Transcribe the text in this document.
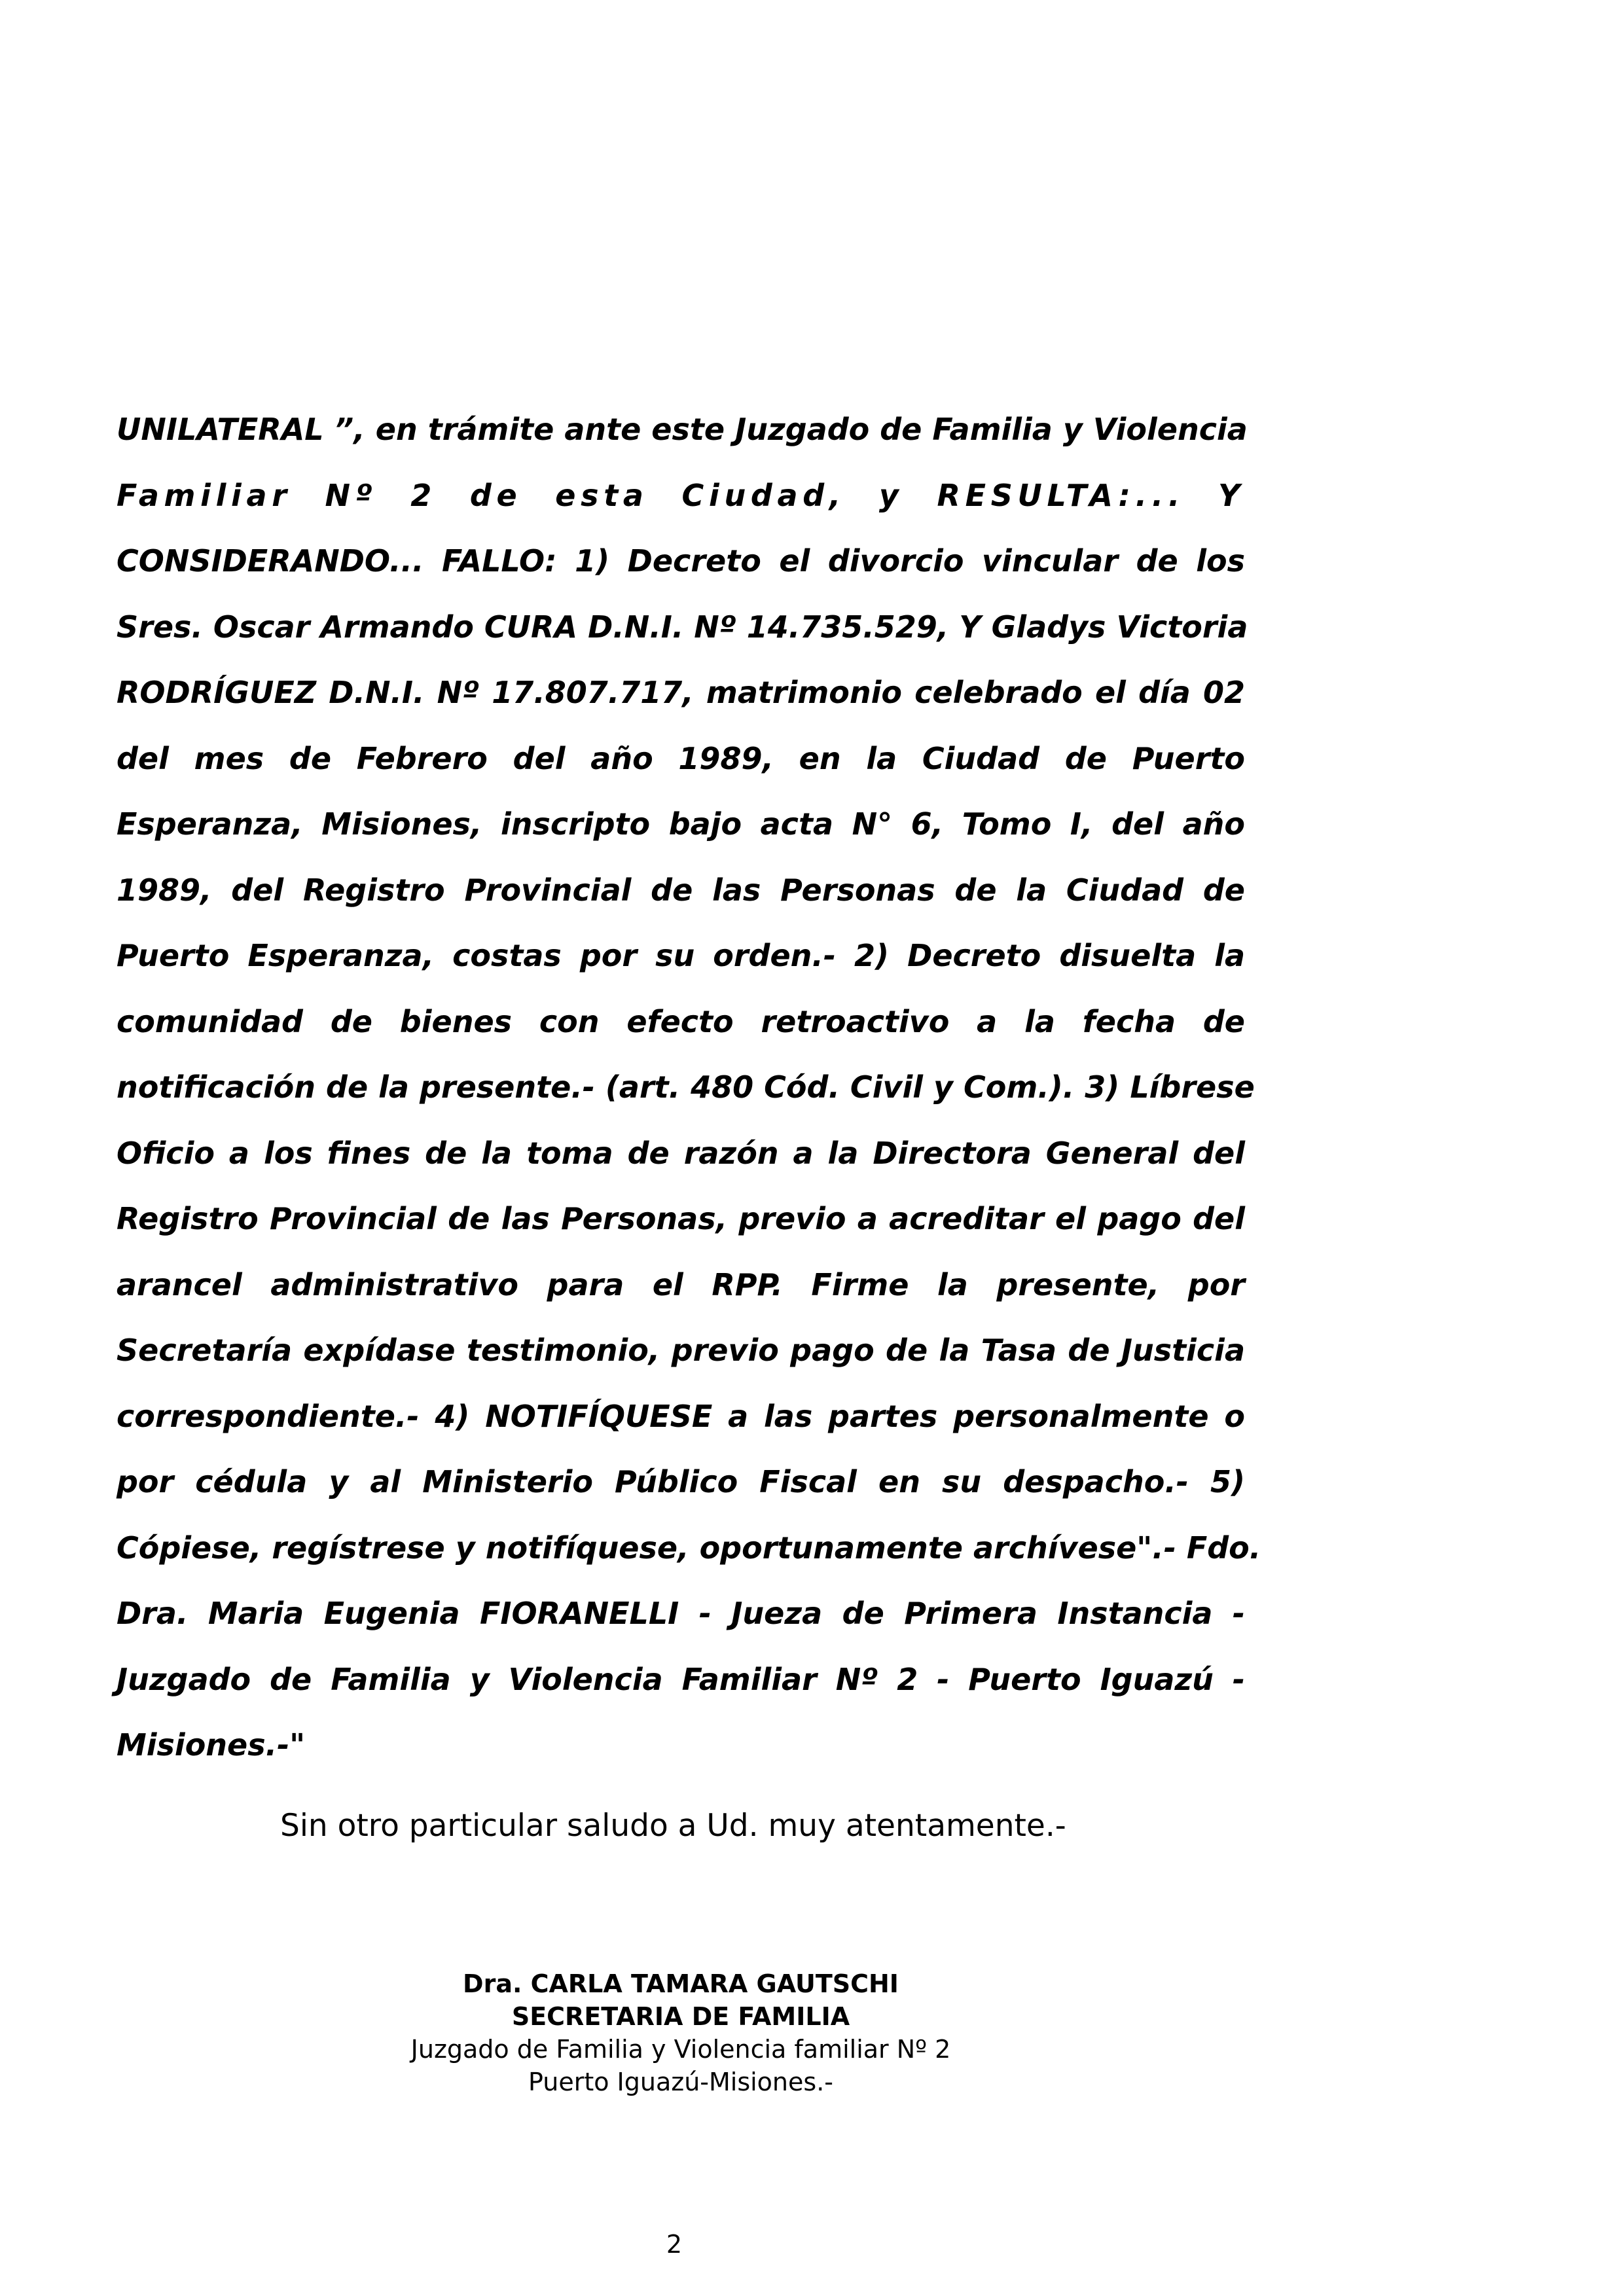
UNILATERAL ”, en trámite ante este Juzgado de Familia y Violencia
Familiar Nº 2 de esta Ciudad, y RESULTA:... Y
CONSIDERANDO... FALLO: 1) Decreto el divorcio vincular de los
Sres. Oscar Armando CURA D.N.I. Nº 14.735.529, Y Gladys Victoria
RODRÍGUEZ D.N.I. Nº 17.807.717, matrimonio celebrado el día 02
del mes de Febrero del año 1989, en la Ciudad de Puerto
Esperanza, Misiones, inscripto bajo acta N° 6, Tomo I, del año
1989, del Registro Provincial de las Personas de la Ciudad de
Puerto Esperanza, costas por su orden.- 2) Decreto disuelta la
comunidad de bienes con efecto retroactivo a la fecha de
notificación de la presente.- (art. 480 Cód. Civil y Com.). 3) Líbrese
Oficio a los fines de la toma de razón a la Directora General del
Registro Provincial de las Personas, previo a acreditar el pago del
arancel administrativo para el RPP. Firme la presente, por
Secretaría expídase testimonio, previo pago de la Tasa de Justicia
correspondiente.- 4) NOTIFÍQUESE a las partes personalmente o
por cédula y al Ministerio Público Fiscal en su despacho.- 5)
Cópiese, regístrese y notifíquese, oportunamente archívese".- Fdo.
Dra. Maria Eugenia FIORANELLI - Jueza de Primera Instancia -
Juzgado de Familia y Violencia Familiar Nº 2 - Puerto Iguazú -
Misiones.-"
Sin otro particular saludo a Ud. muy atentamente.-
Dra. CARLA TAMARA GAUTSCHI
SECRETARIA DE FAMILIA
Juzgado de Familia y Violencia familiar Nº 2
Puerto Iguazú-Misiones.-
2
